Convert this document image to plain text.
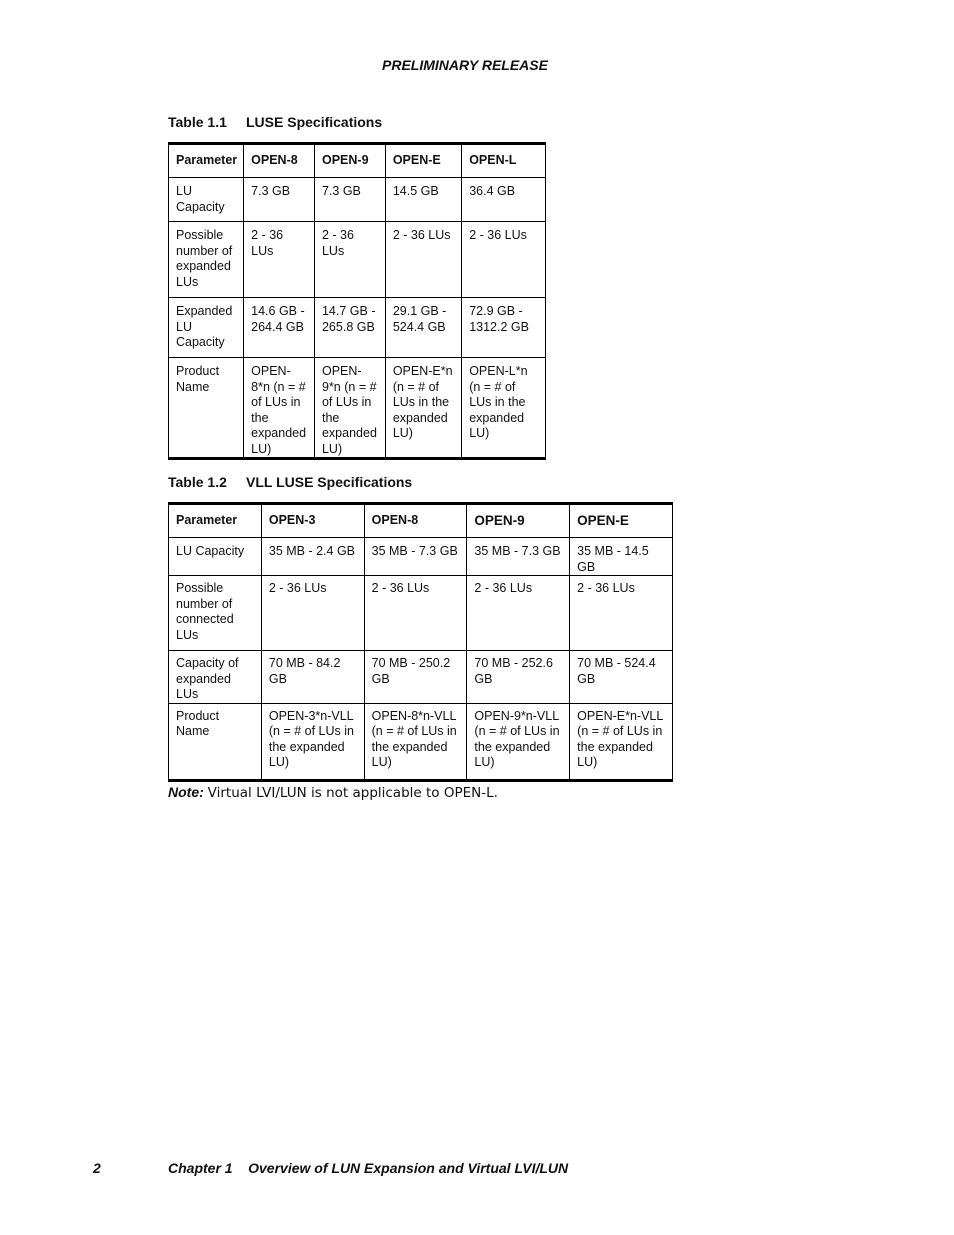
PRELIMINARY RELEASE
Table 1.1 LUSE Specifications
Parameter	OPEN-8	OPEN-9	OPEN-E	OPEN-L
LU Capacity	7.3 GB	7.3 GB	14.5 GB	36.4 GB
Possible number of expanded LUs	2 - 36 LUs	2 - 36 LUs	2 - 36 LUs	2 - 36 LUs
Expanded LU Capacity	14.6 GB - 264.4 GB	14.7 GB - 265.8 GB	29.1 GB - 524.4 GB	72.9 GB - 1312.2 GB
Product Name	OPEN-8*n (n = # of LUs in the expanded LU)	OPEN-9*n (n = # of LUs in the expanded LU)	OPEN-E*n (n = # of LUs in the expanded LU)	OPEN-L*n (n = # of LUs in the expanded LU)
Table 1.2 VLL LUSE Specifications
Parameter	OPEN-3	OPEN-8	OPEN-9	OPEN-E
LU Capacity	35 MB - 2.4 GB	35 MB - 7.3 GB	35 MB - 7.3 GB	35 MB - 14.5 GB
Possible number of connected LUs	2 - 36 LUs	2 - 36 LUs	2 - 36 LUs	2 - 36 LUs
Capacity of expanded LUs	70 MB - 84.2 GB	70 MB - 250.2 GB	70 MB - 252.6 GB	70 MB - 524.4 GB
Product Name	OPEN-3*n-VLL (n = # of LUs in the expanded LU)	OPEN-8*n-VLL (n = # of LUs in the expanded LU)	OPEN-9*n-VLL (n = # of LUs in the expanded LU)	OPEN-E*n-VLL (n = # of LUs in the expanded LU)
Note: Virtual LVI/LUN is not applicable to OPEN-L.
2	Chapter 1    Overview of LUN Expansion and Virtual LVI/LUN
